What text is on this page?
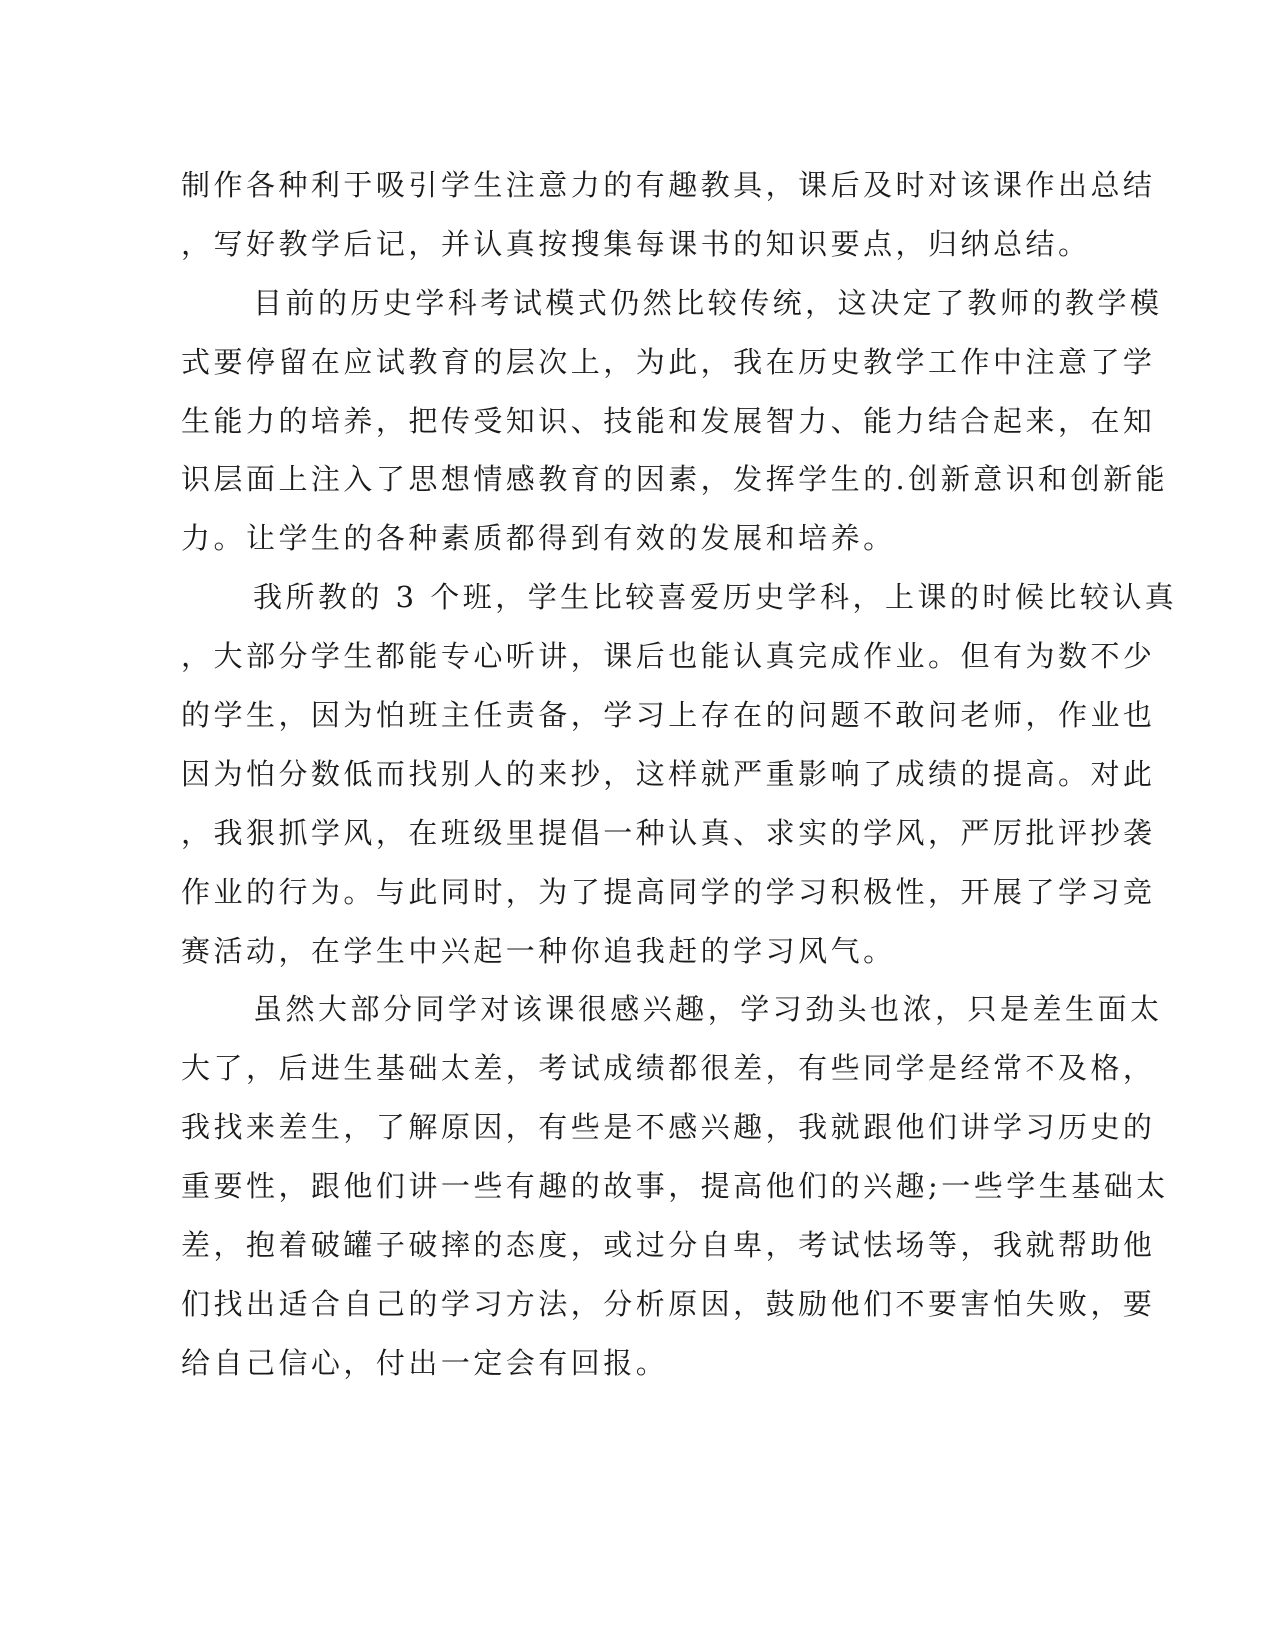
制作各种利于吸引学生注意力的有趣教具，课后及时对该课作出总结
，写好教学后记，并认真按搜集每课书的知识要点，归纳总结。
目前的历史学科考试模式仍然比较传统，这决定了教师的教学模
式要停留在应试教育的层次上，为此，我在历史教学工作中注意了学
生能力的培养，把传受知识、技能和发展智力、能力结合起来，在知
识层面上注入了思想情感教育的因素，发挥学生的.创新意识和创新能
力。让学生的各种素质都得到有效的发展和培养。
我所教的 3 个班，学生比较喜爱历史学科，上课的时候比较认真
，大部分学生都能专心听讲，课后也能认真完成作业。但有为数不少
的学生，因为怕班主任责备，学习上存在的问题不敢问老师，作业也
因为怕分数低而找别人的来抄，这样就严重影响了成绩的提高。对此
，我狠抓学风，在班级里提倡一种认真、求实的学风，严厉批评抄袭
作业的行为。与此同时，为了提高同学的学习积极性，开展了学习竞
赛活动，在学生中兴起一种你追我赶的学习风气。
虽然大部分同学对该课很感兴趣，学习劲头也浓，只是差生面太
大了，后进生基础太差，考试成绩都很差，有些同学是经常不及格，
我找来差生，了解原因，有些是不感兴趣，我就跟他们讲学习历史的
重要性，跟他们讲一些有趣的故事，提高他们的兴趣;一些学生基础太
差，抱着破罐子破摔的态度，或过分自卑，考试怯场等，我就帮助他
们找出适合自己的学习方法，分析原因，鼓励他们不要害怕失败，要
给自己信心，付出一定会有回报。
